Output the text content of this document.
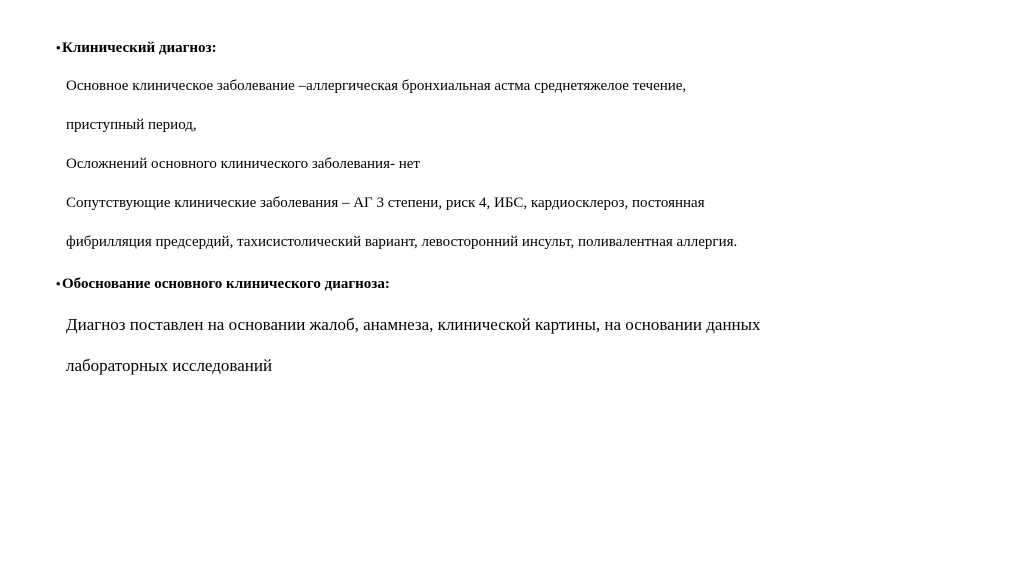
• Клинический диагноз:
Основное клиническое заболевание –аллергическая бронхиальная астма среднетяжелое течение,
приступный период,
Осложнений основного клинического заболевания- нет
Сопутствующие клинические заболевания – АГ 3 степени, риск 4, ИБС, кардиосклероз, постоянная
фибрилляция предсердий, тахисистолический вариант, левосторонний инсульт, поливалентная аллергия.
• Обоснование основного клинического диагноза:
Диагноз поставлен на основании жалоб, анамнеза, клинической картины, на основании данных
лабораторных исследований
